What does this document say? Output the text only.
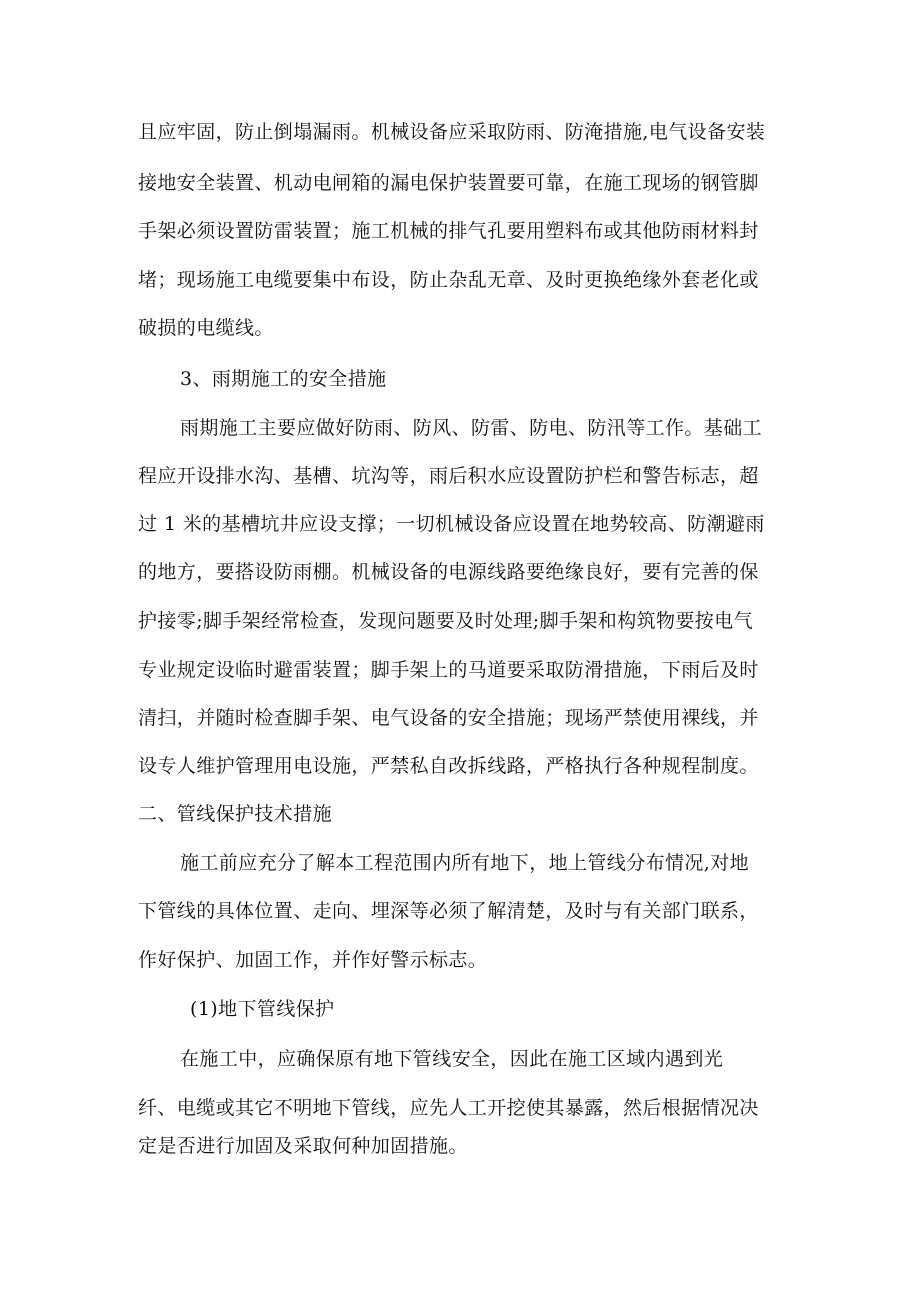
且应牢固，防止倒塌漏雨。机械设备应采取防雨、防淹措施,电气设备安装

接地安全装置、机动电闸箱的漏电保护装置要可靠，在施工现场的钢管脚

手架必须设置防雷装置；施工机械的排气孔要用塑料布或其他防雨材料封

堵；现场施工电缆要集中布设，防止杂乱无章、及时更换绝缘外套老化或

破损的电缆线。

3、雨期施工的安全措施

雨期施工主要应做好防雨、防风、防雷、防电、防汛等工作。基础工

程应开设排水沟、基槽、坑沟等，雨后积水应设置防护栏和警告标志，超

过 1 米的基槽坑井应设支撑；一切机械设备应设置在地势较高、防潮避雨

的地方，要搭设防雨棚。机械设备的电源线路要绝缘良好，要有完善的保

护接零;脚手架经常检查，发现问题要及时处理;脚手架和构筑物要按电气

专业规定设临时避雷装置；脚手架上的马道要采取防滑措施，下雨后及时

清扫，并随时检查脚手架、电气设备的安全措施；现场严禁使用裸线，并

设专人维护管理用电设施，严禁私自改拆线路，严格执行各种规程制度。

二、管线保护技术措施

施工前应充分了解本工程范围内所有地下，地上管线分布情况,对地

下管线的具体位置、走向、埋深等必须了解清楚，及时与有关部门联系，

作好保护、加固工作，并作好警示标志。

(1)地下管线保护

在施工中，应确保原有地下管线安全，因此在施工区域内遇到光

纤、电缆或其它不明地下管线，应先人工开挖使其暴露，然后根据情况决

定是否进行加固及采取何种加固措施。
